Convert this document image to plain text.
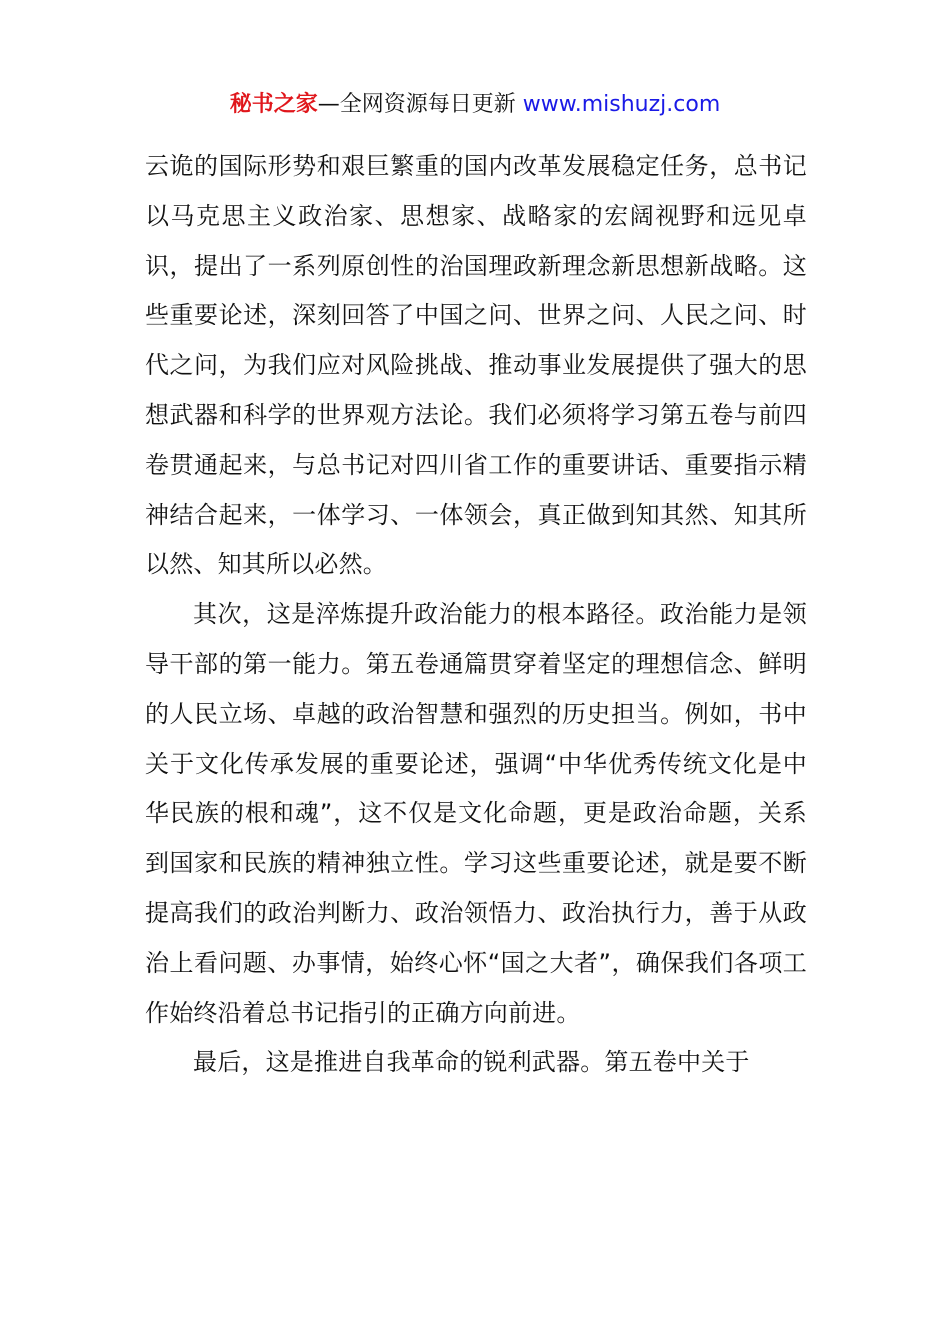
秘书之家—全网资源每日更新 www.mishuzj.com

云诡的国际形势和艰巨繁重的国内改革发展稳定任务，总书记以马克思主义政治家、思想家、战略家的宏阔视野和远见卓识，提出了一系列原创性的治国理政新理念新思想新战略。这些重要论述，深刻回答了中国之问、世界之问、人民之问、时代之问，为我们应对风险挑战、推动事业发展提供了强大的思想武器和科学的世界观方法论。我们必须将学习第五卷与前四卷贯通起来，与总书记对四川省工作的重要讲话、重要指示精神结合起来，一体学习、一体领会，真正做到知其然、知其所以然、知其所以必然。

其次，这是淬炼提升政治能力的根本路径。政治能力是领导干部的第一能力。第五卷通篇贯穿着坚定的理想信念、鲜明的人民立场、卓越的政治智慧和强烈的历史担当。例如，书中关于文化传承发展的重要论述，强调“中华优秀传统文化是中华民族的根和魂”，这不仅是文化命题，更是政治命题，关系到国家和民族的精神独立性。学习这些重要论述，就是要不断提高我们的政治判断力、政治领悟力、政治执行力，善于从政治上看问题、办事情，始终心怀“国之大者”，确保我们各项工作始终沿着总书记指引的正确方向前进。

最后，这是推进自我革命的锐利武器。第五卷中关于
